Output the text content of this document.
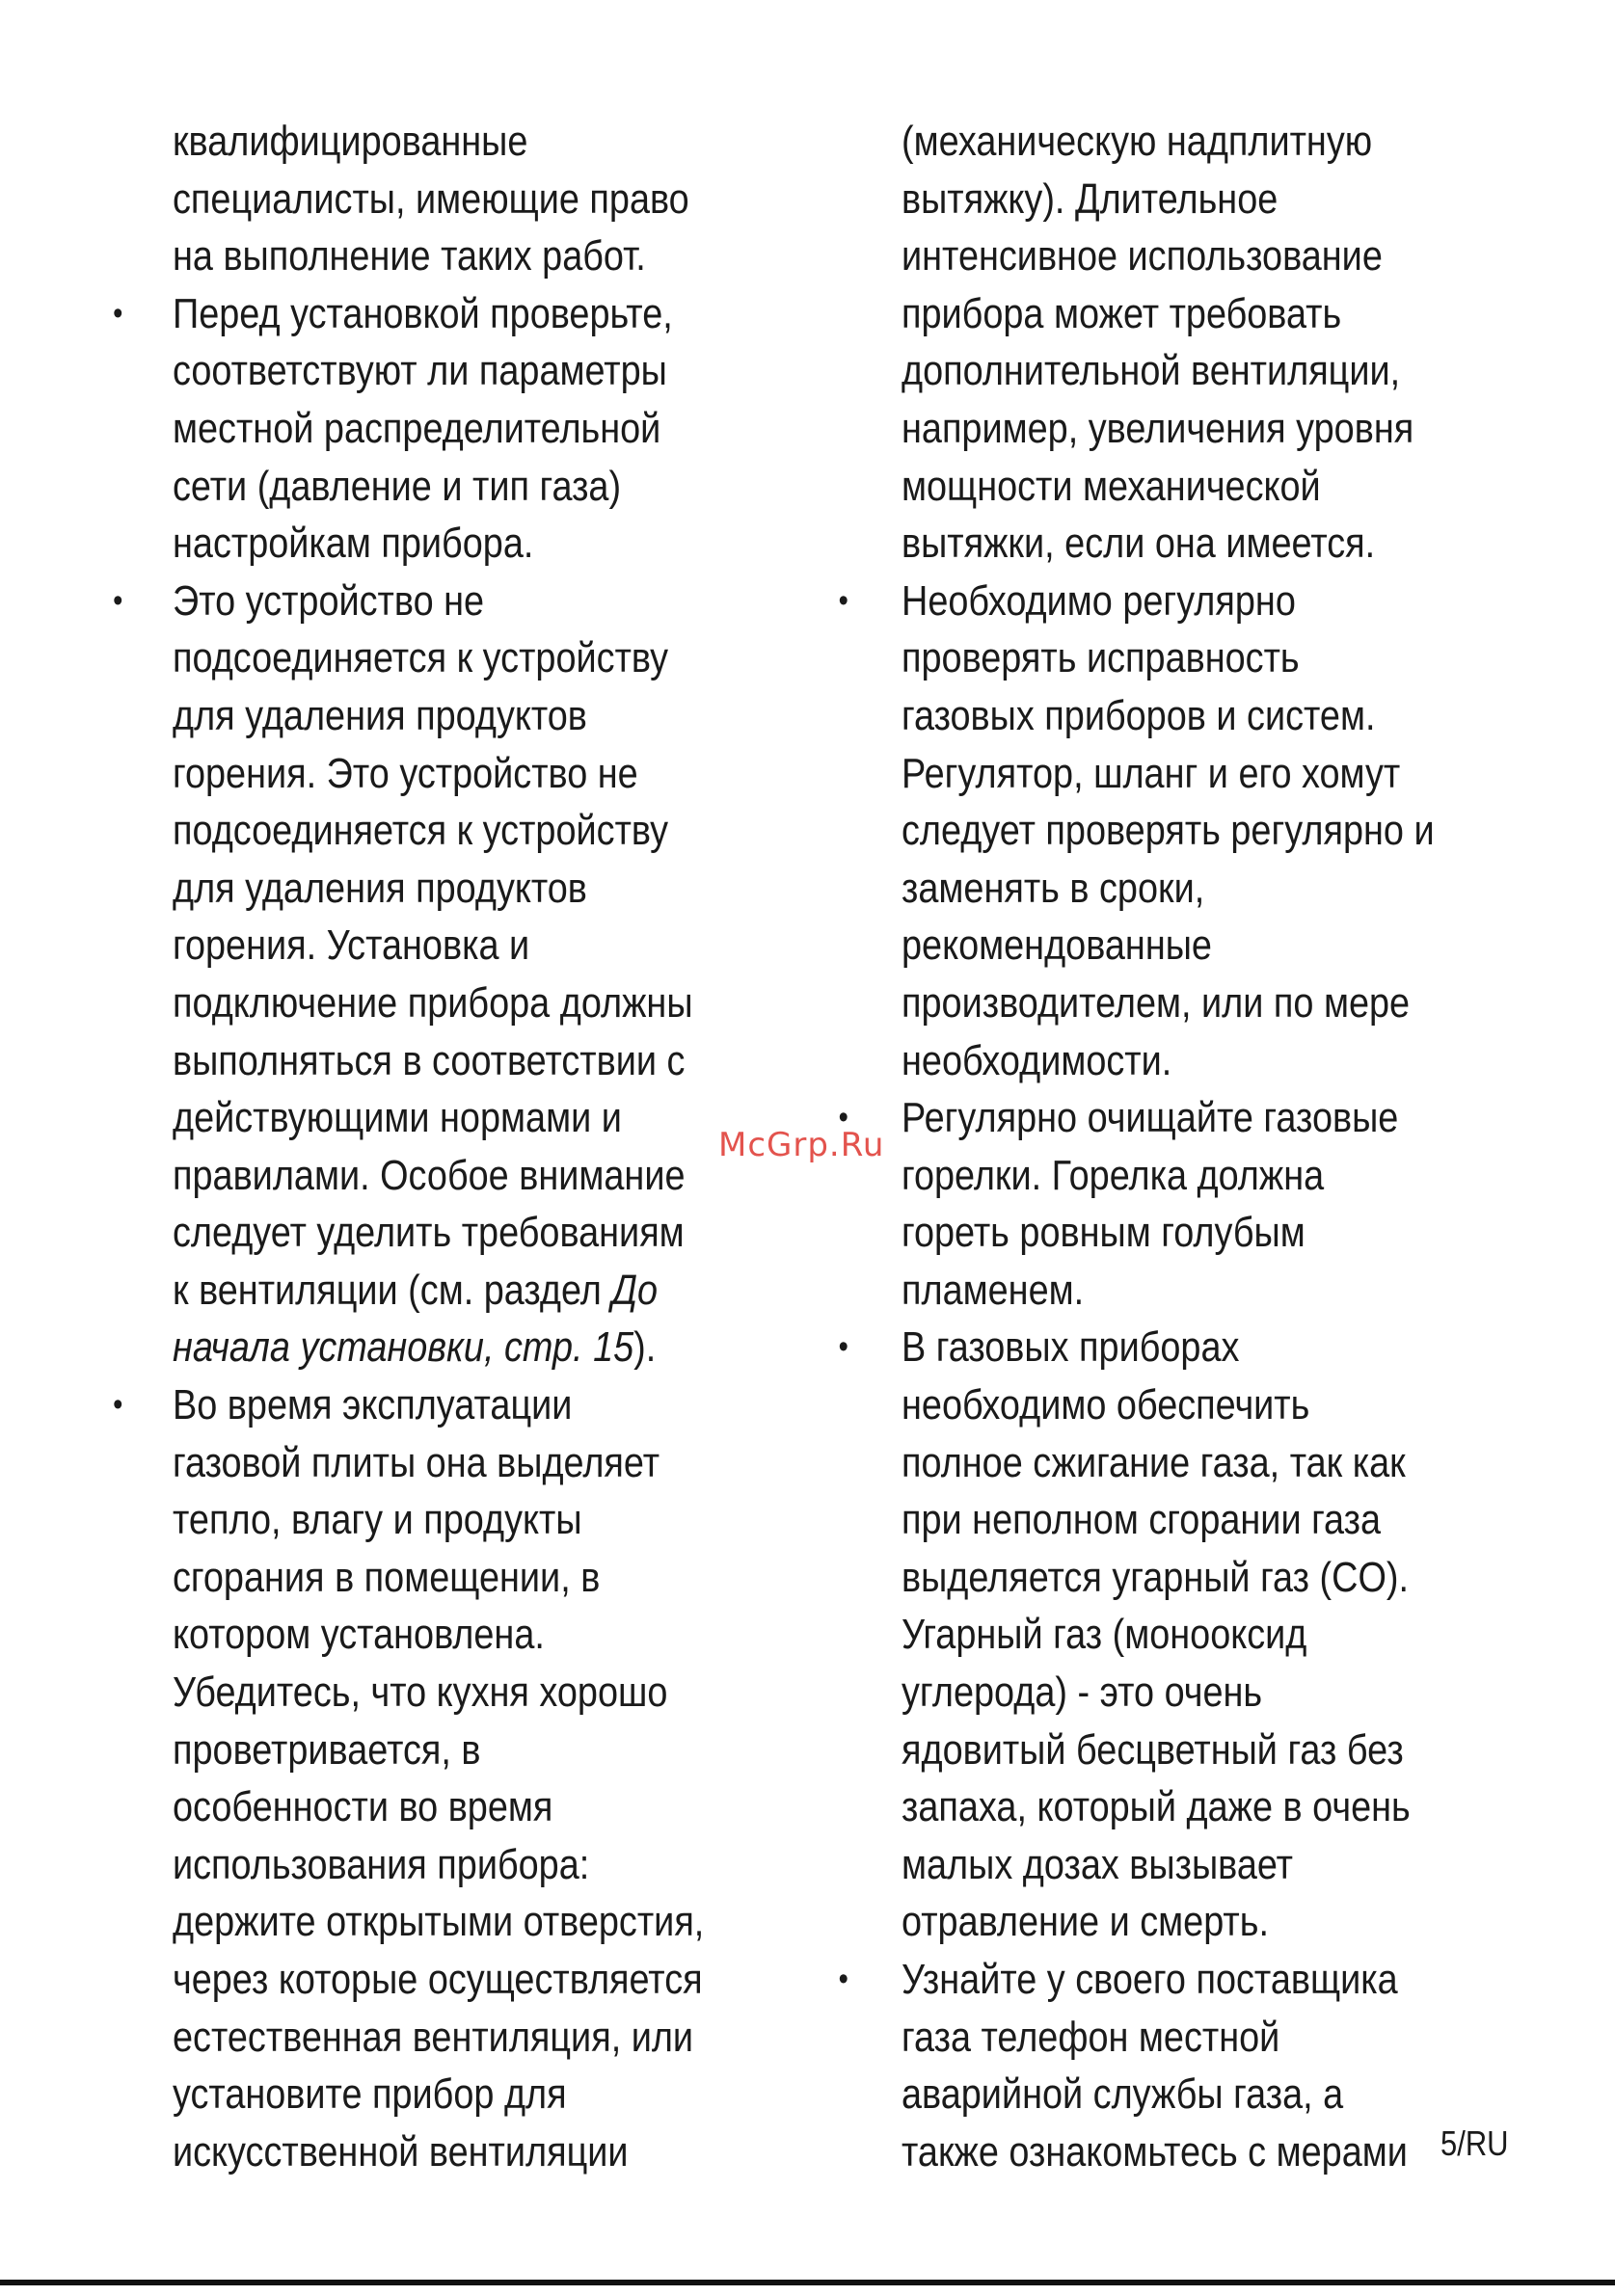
квалифицированные
специалисты, имеющие право
на выполнение таких работ.
• Перед установкой проверьте,
соответствуют ли параметры
местной распределительной
сети (давление и тип газа)
настройкам прибора.
• Это устройство не
подсоединяется к устройству
для удаления продуктов
горения. Это устройство не
подсоединяется к устройству
для удаления продуктов
горения. Установка и
подключение прибора должны
выполняться в соответствии с
действующими нормами и
правилами. Особое внимание
следует уделить требованиям
к вентиляции (см. раздел До
начала установки, стр. 15).
• Во время эксплуатации
газовой плиты она выделяет
тепло, влагу и продукты
сгорания в помещении, в
котором установлена.
Убедитесь, что кухня хорошо
проветривается, в
особенности во время
использования прибора:
держите открытыми отверстия,
через которые осуществляется
естественная вентиляция, или
установите прибор для
искусственной вентиляции
(механическую надплитную
вытяжку). Длительное
интенсивное использование
прибора может требовать
дополнительной вентиляции,
например, увеличения уровня
мощности механической
вытяжки, если она имеется.
• Необходимо регулярно
проверять исправность
газовых приборов и систем.
Регулятор, шланг и его хомут
следует проверять регулярно и
заменять в сроки,
рекомендованные
производителем, или по мере
необходимости.
• Регулярно очищайте газовые
горелки. Горелка должна
гореть ровным голубым
пламенем.
• В газовых приборах
необходимо обеспечить
полное сжигание газа, так как
при неполном сгорании газа
выделяется угарный газ (CO).
Угарный газ (монооксид
углерода) - это очень
ядовитый бесцветный газ без
запаха, который даже в очень
малых дозах вызывает
отравление и смерть.
• Узнайте у своего поставщика
газа телефон местной
аварийной службы газа, а
также ознакомьтесь с мерами
McGrp.Ru
5/RU
